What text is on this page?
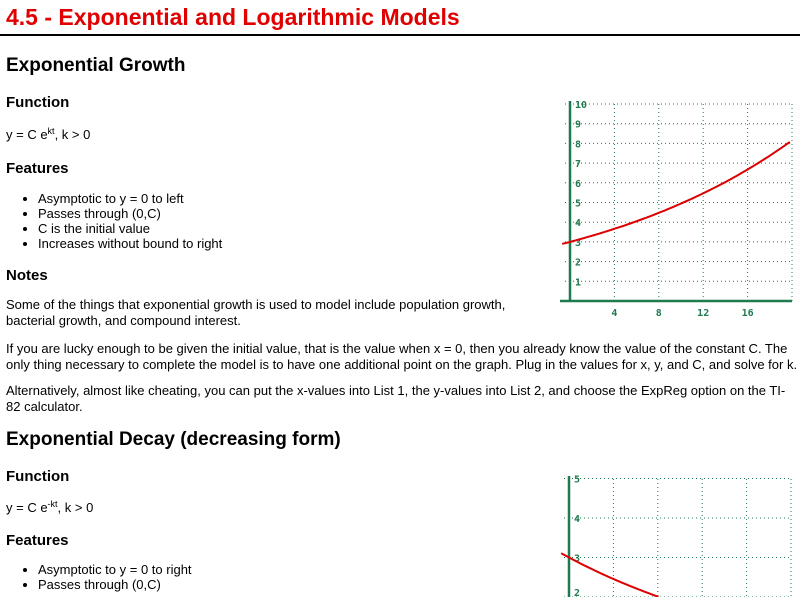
1
2
3
4
5
6
7
8
9
10
4	8	12	16
2
3
4
5
4.5 - Exponential and Logarithmic Models
Exponential Growth
Function

y = C $e^{kt}$, k > 0

Features
• Asymptotic to y = 0 to left
• Passes through (0,C)
• C is the initial value
• Increases without bound to right
Notes

Some of the things that exponential growth is used to model include population growth, bacterial growth, and compound interest.

If you are lucky enough to be given the initial value, that is the value when x = 0, then you already know the value of the constant C. The only thing necessary to complete the model is to have one additional point on the graph. Plug in the values for x, y, and C, and solve for k.

Alternatively, almost like cheating, you can put the x-values into List 1, the y-values into List 2, and choose the ExpReg option on the TI-82 calculator.

Exponential Decay (decreasing form)
Function

y = C $e^{-kt}$, k > 0

Features
• Asymptotic to y = 0 to right
• Passes through (0,C)
